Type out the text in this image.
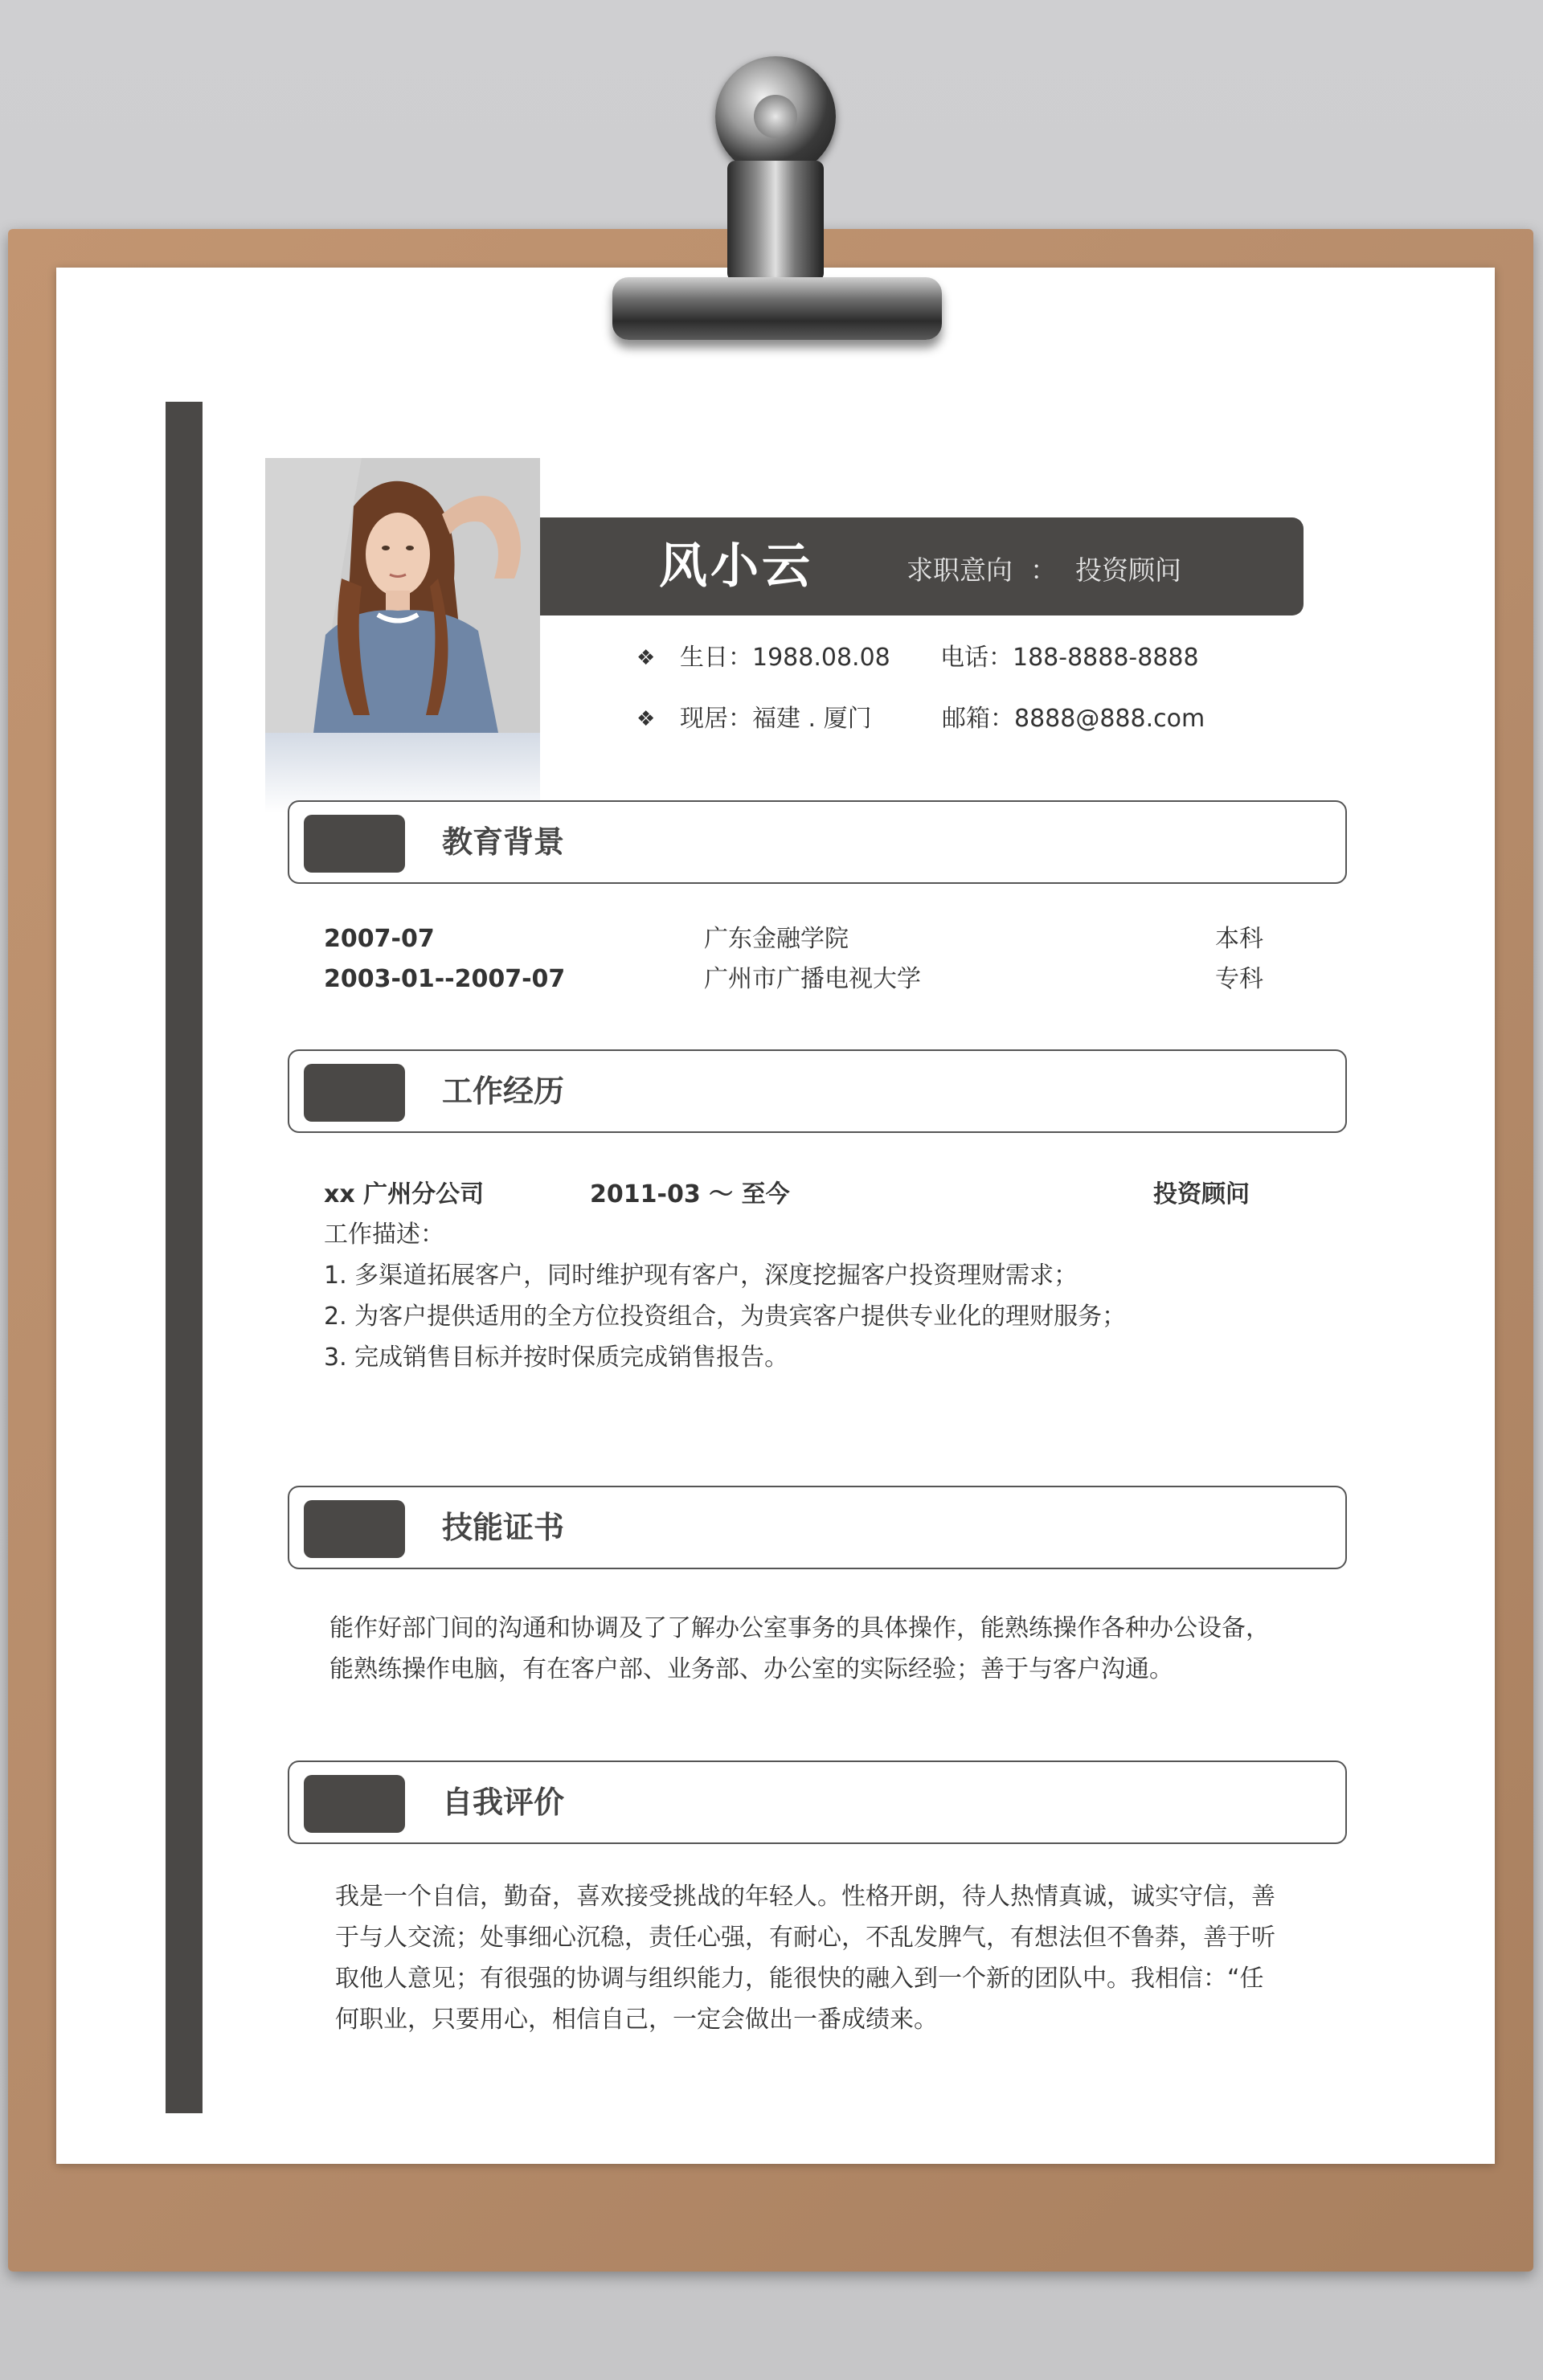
风小云	求职意向 ： 投资顾问
❖ 生日：1988.08.08 电话：188-8888-8888
❖ 现居：福建 . 厦门	邮箱：8888@888.com
教育背景
2007-07	广东金融学院	本科
2003-01--2007-07	广州市广播电视大学	专科
工作经历
xx 广州分公司	2011-03 ～ 至今	投资顾问
工作描述：
1. 多渠道拓展客户，同时维护现有客户，深度挖掘客户投资理财需求；
2. 为客户提供适用的全方位投资组合，为贵宾客户提供专业化的理财服务；
3. 完成销售目标并按时保质完成销售报告。
技能证书
能作好部门间的沟通和协调及了了解办公室事务的具体操作，能熟练操作各种办公设备，
能熟练操作电脑，有在客户部、业务部、办公室的实际经验；善于与客户沟通。
自我评价
我是一个自信，勤奋，喜欢接受挑战的年轻人。性格开朗，待人热情真诚，诚实守信，善
于与人交流；处事细心沉稳，责任心强，有耐心，不乱发脾气，有想法但不鲁莽，善于听
取他人意见；有很强的协调与组织能力，能很快的融入到一个新的团队中。我相信：“任
何职业，只要用心，相信自己，一定会做出一番成绩来。
